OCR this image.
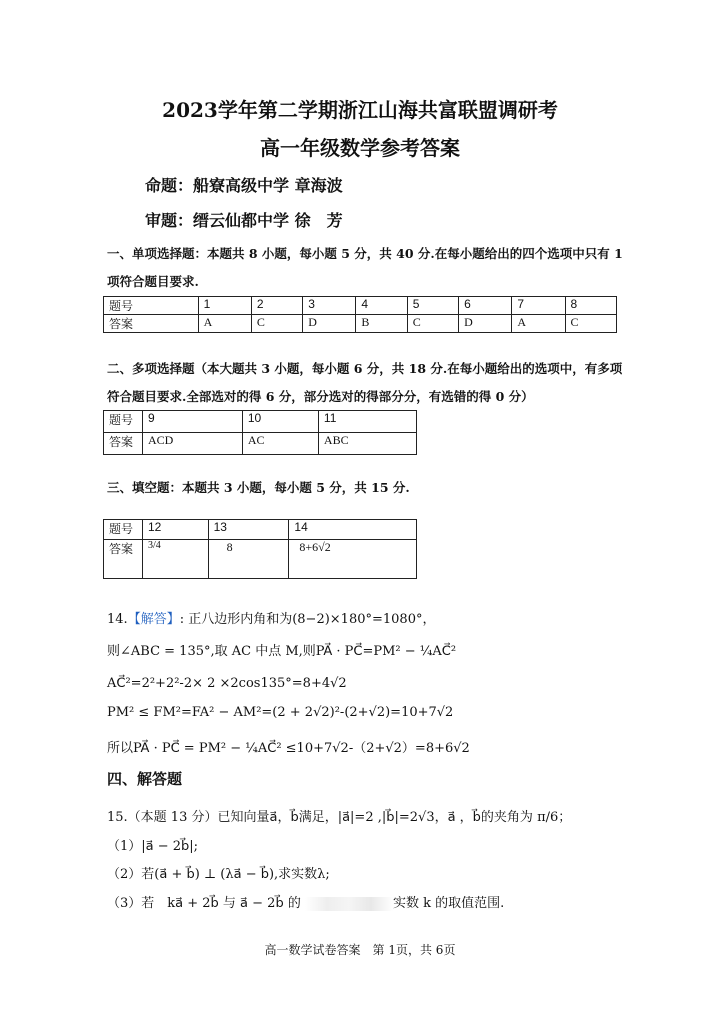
2023学年第二学期浙江山海共富联盟调研考
高一年级数学参考答案
命题：船寮高级中学 章海波
审题：缙云仙都中学 徐　芳
一、单项选择题：本题共 8 小题，每小题 5 分，共 40 分.在每小题给出的四个选项中只有 1
项符合题目要求.
题号	1	2	3	4	5	6	7	8
答案	A	C	D	B	C	D	A	C
二、多项选择题（本大题共 3 小题，每小题 6 分，共 18 分.在每小题给出的选项中，有多项
符合题目要求.全部选对的得 6 分，部分选对的得部分分，有选错的得 0 分）
题号	9	10	11
答案	ACD	AC	ABC
三、填空题：本题共 3 小题，每小题 5 分，共 15 分.
题号	12	13	14
答案	3/4	8	8+6√2
14.【解答】: 正八边形内角和为(8−2)×180°=1080°，
则∠ABC = 135°,取 AC 中点 M,则PA⃗ · PC⃗=PM² − ¼AC⃗²
AC⃗²=2²+2²-2× 2 ×2cos135°=8+4√2
PM² ≤ FM²=FA² − AM²=(2 + 2√2)²-(2+√2)=10+7√2
所以PA⃗ · PC⃗ = PM² − ¼AC⃗² ≤10+7√2-（2+√2）=8+6√2
四、解答题
15.（本题 13 分）已知向量a⃗，b⃗满足，|a⃗|=2 ,|b⃗|=2√3，a⃗ ，b⃗的夹角为 π/6；
（1）|a⃗ − 2b⃗|;
（2）若(a⃗ + b⃗) ⊥ (λa⃗ − b⃗),求实数λ;
（3）若　ka⃗ + 2b⃗ 与 a⃗ − 2b⃗ 的	实数 k 的取值范围.
高一数学试卷答案　第 1页，共 6页
